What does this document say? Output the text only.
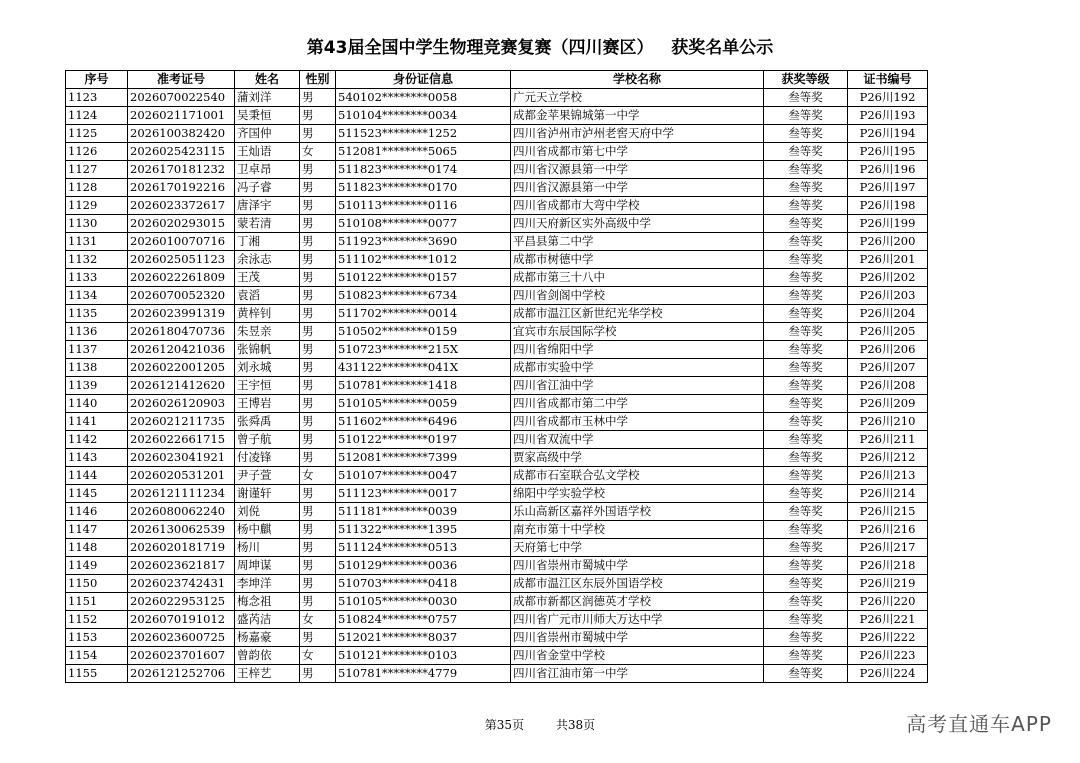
第43届全国中学生物理竞赛复赛（四川赛区）   获奖名单公示
序号	准考证号	姓名	性别	身份证信息	学校名称	获奖等级	证书编号
1123	2026070022540	蒲刘洋	男	540102********0058	广元天立学校	叁等奖	P26川192
1124	2026021171001	吴秉恒	男	510104********0034	成都金苹果锦城第一中学	叁等奖	P26川193
1125	2026100382420	齐国仲	男	511523********1252	四川省泸州市泸州老窖天府中学	叁等奖	P26川194
1126	2026025423115	王灿语	女	512081********5065	四川省成都市第七中学	叁等奖	P26川195
1127	2026170181232	卫卓昂	男	511823********0174	四川省汉源县第一中学	叁等奖	P26川196
1128	2026170192216	冯子睿	男	511823********0170	四川省汉源县第一中学	叁等奖	P26川197
1129	2026023372617	唐泽宇	男	510113********0116	四川省成都市大弯中学校	叁等奖	P26川198
1130	2026020293015	蒙若清	男	510108********0077	四川天府新区实外高级中学	叁等奖	P26川199
1131	2026010070716	丁湘	男	511923********3690	平昌县第二中学	叁等奖	P26川200
1132	2026025051123	余泳志	男	511102********1012	成都市树德中学	叁等奖	P26川201
1133	2026022261809	王茂	男	510122********0157	成都市第三十八中	叁等奖	P26川202
1134	2026070052320	袁滔	男	510823********6734	四川省剑阁中学校	叁等奖	P26川203
1135	2026023991319	黄梓钊	男	511702********0014	成都市温江区新世纪光华学校	叁等奖	P26川204
1136	2026180470736	朱昱亲	男	510502********0159	宜宾市东辰国际学校	叁等奖	P26川205
1137	2026120421036	张锦帆	男	510723********215X	四川省绵阳中学	叁等奖	P26川206
1138	2026022001205	刘永城	男	431122********041X	成都市实验中学	叁等奖	P26川207
1139	2026121412620	王宇恒	男	510781********1418	四川省江油中学	叁等奖	P26川208
1140	2026026120903	王博岩	男	510105********0059	四川省成都市第二中学	叁等奖	P26川209
1141	2026021211735	张舜禹	男	511602********6496	四川省成都市玉林中学	叁等奖	P26川210
1142	2026022661715	曾子航	男	510122********0197	四川省双流中学	叁等奖	P26川211
1143	2026023041921	付凌锋	男	512081********7399	贾家高级中学	叁等奖	P26川212
1144	2026020531201	尹子萱	女	510107********0047	成都市石室联合弘文学校	叁等奖	P26川213
1145	2026121111234	谢谨轩	男	511123********0017	绵阳中学实验学校	叁等奖	P26川214
1146	2026080062240	刘侻	男	511181********0039	乐山高新区嘉祥外国语学校	叁等奖	P26川215
1147	2026130062539	杨中麒	男	511322********1395	南充市第十中学校	叁等奖	P26川216
1148	2026020181719	杨川	男	511124********0513	天府第七中学	叁等奖	P26川217
1149	2026023621817	周坤谋	男	510129********0036	四川省崇州市蜀城中学	叁等奖	P26川218
1150	2026023742431	李坤洋	男	510703********0418	成都市温江区东辰外国语学校	叁等奖	P26川219
1151	2026022953125	梅念祖	男	510105********0030	成都市新都区润德英才学校	叁等奖	P26川220
1152	2026070191012	盛芮洁	女	510824********0757	四川省广元市川师大万达中学	叁等奖	P26川221
1153	2026023600725	杨嘉豪	男	512021********8037	四川省崇州市蜀城中学	叁等奖	P26川222
1154	2026023701607	曾韵依	女	510121********0103	四川省金堂中学校	叁等奖	P26川223
1155	2026121252706	王梓艺	男	510781********4779	四川省江油市第一中学	叁等奖	P26川224
第35页	共38页	高考直通车APP
